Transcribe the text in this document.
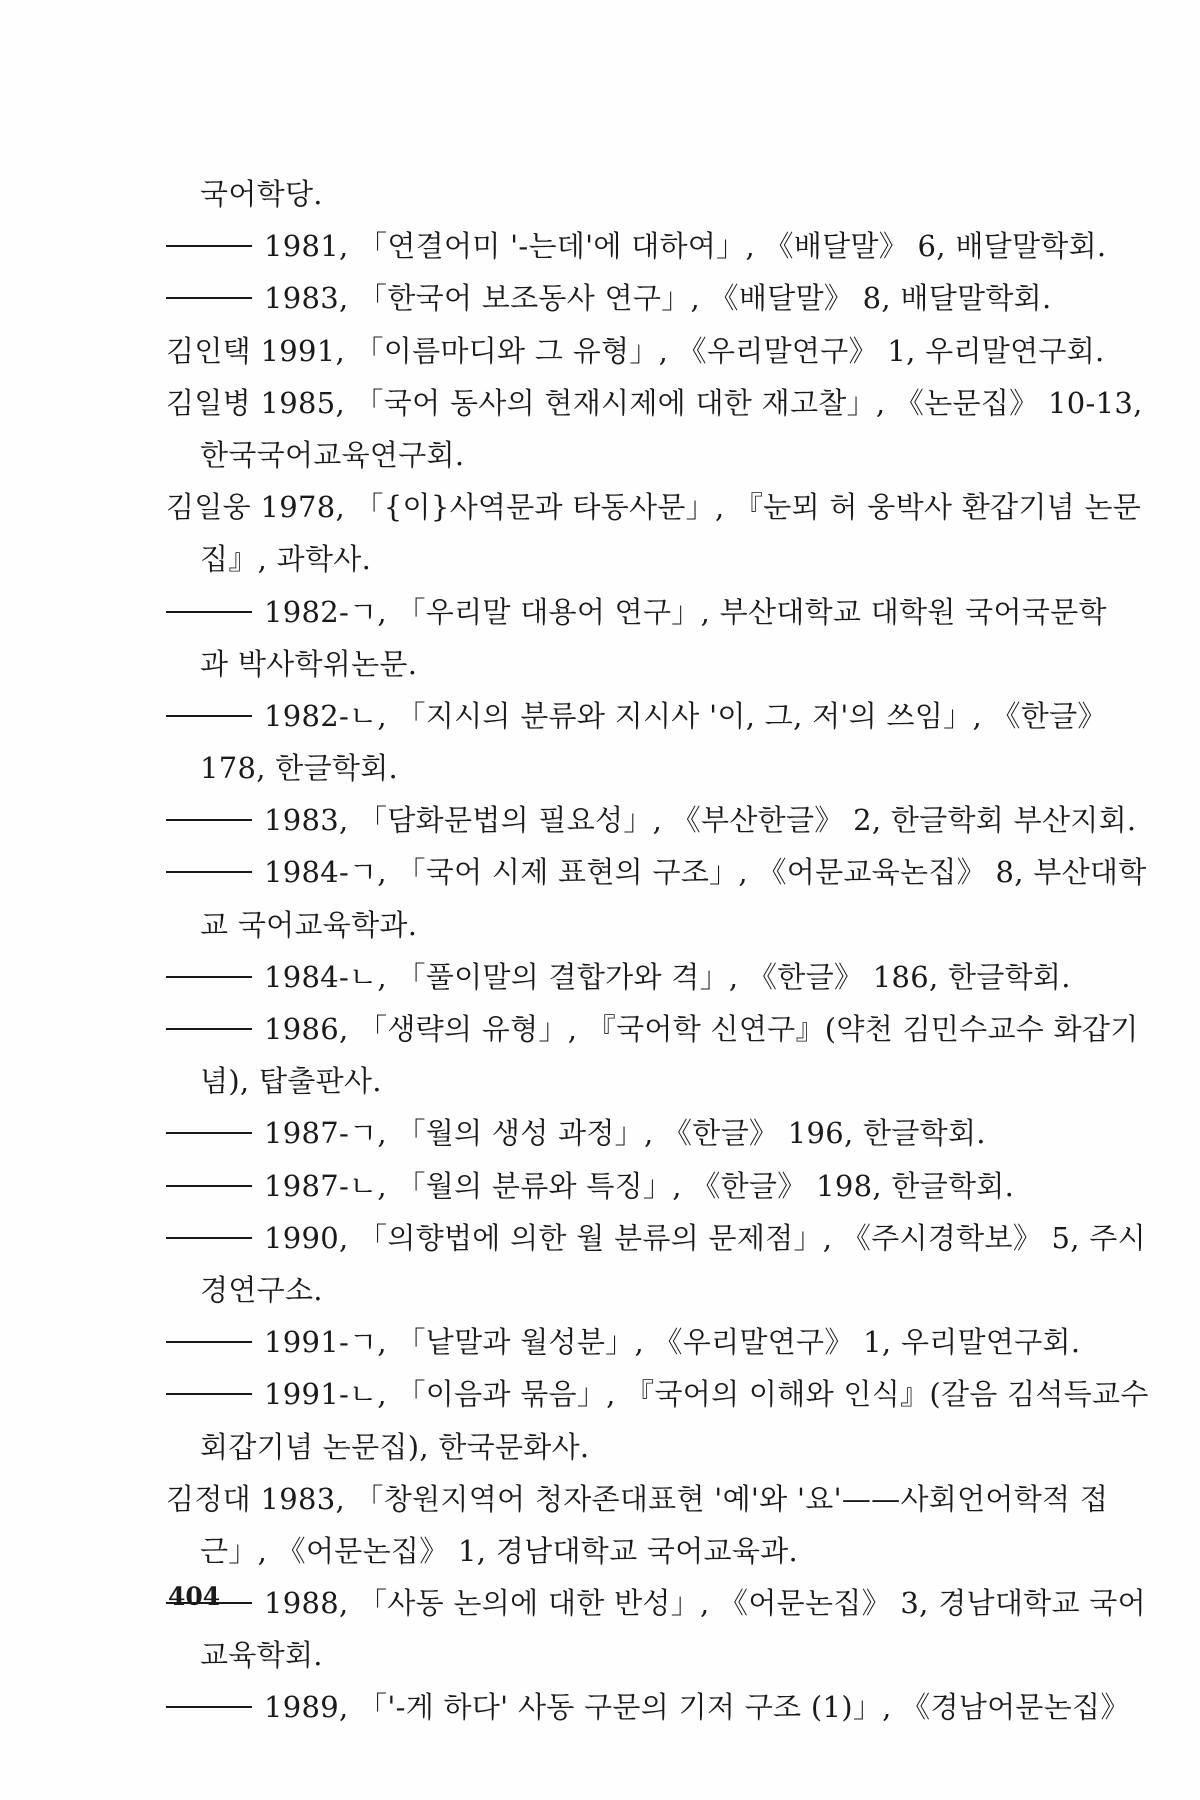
국어학당.
1981, 「연결어미 '-는데'에 대하여」, 《배달말》 6, 배달말학회.
1983, 「한국어 보조동사 연구」, 《배달말》 8, 배달말학회.
김인택 1991, 「이름마디와 그 유형」, 《우리말연구》 1, 우리말연구회.
김일병 1985, 「국어 동사의 현재시제에 대한 재고찰」, 《논문집》 10-13,
한국국어교육연구회.
김일웅 1978, 「{이}사역문과 타동사문」, 『눈뫼 허 웅박사 환갑기념 논문
집』, 과학사.
1982-ㄱ, 「우리말 대용어 연구」, 부산대학교 대학원 국어국문학
과 박사학위논문.
1982-ㄴ, 「지시의 분류와 지시사 '이, 그, 저'의 쓰임」, 《한글》
178, 한글학회.
1983, 「담화문법의 필요성」, 《부산한글》 2, 한글학회 부산지회.
1984-ㄱ, 「국어 시제 표현의 구조」, 《어문교육논집》 8, 부산대학
교 국어교육학과.
1984-ㄴ, 「풀이말의 결합가와 격」, 《한글》 186, 한글학회.
1986, 「생략의 유형」, 『국어학 신연구』(약천 김민수교수 화갑기
념), 탑출판사.
1987-ㄱ, 「월의 생성 과정」, 《한글》 196, 한글학회.
1987-ㄴ, 「월의 분류와 특징」, 《한글》 198, 한글학회.
1990, 「의향법에 의한 월 분류의 문제점」, 《주시경학보》 5, 주시
경연구소.
1991-ㄱ, 「낱말과 월성분」, 《우리말연구》 1, 우리말연구회.
1991-ㄴ, 「이음과 묶음」, 『국어의 이해와 인식』(갈음 김석득교수
회갑기념 논문집), 한국문화사.
김정대 1983, 「창원지역어 청자존대표현 '예'와 '요'——사회언어학적 접
근」, 《어문논집》 1, 경남대학교 국어교육과.
1988, 「사동 논의에 대한 반성」, 《어문논집》 3, 경남대학교 국어
교육학회.
1989, 「'-게 하다' 사동 구문의 기저 구조 (1)」, 《경남어문논집》
404
